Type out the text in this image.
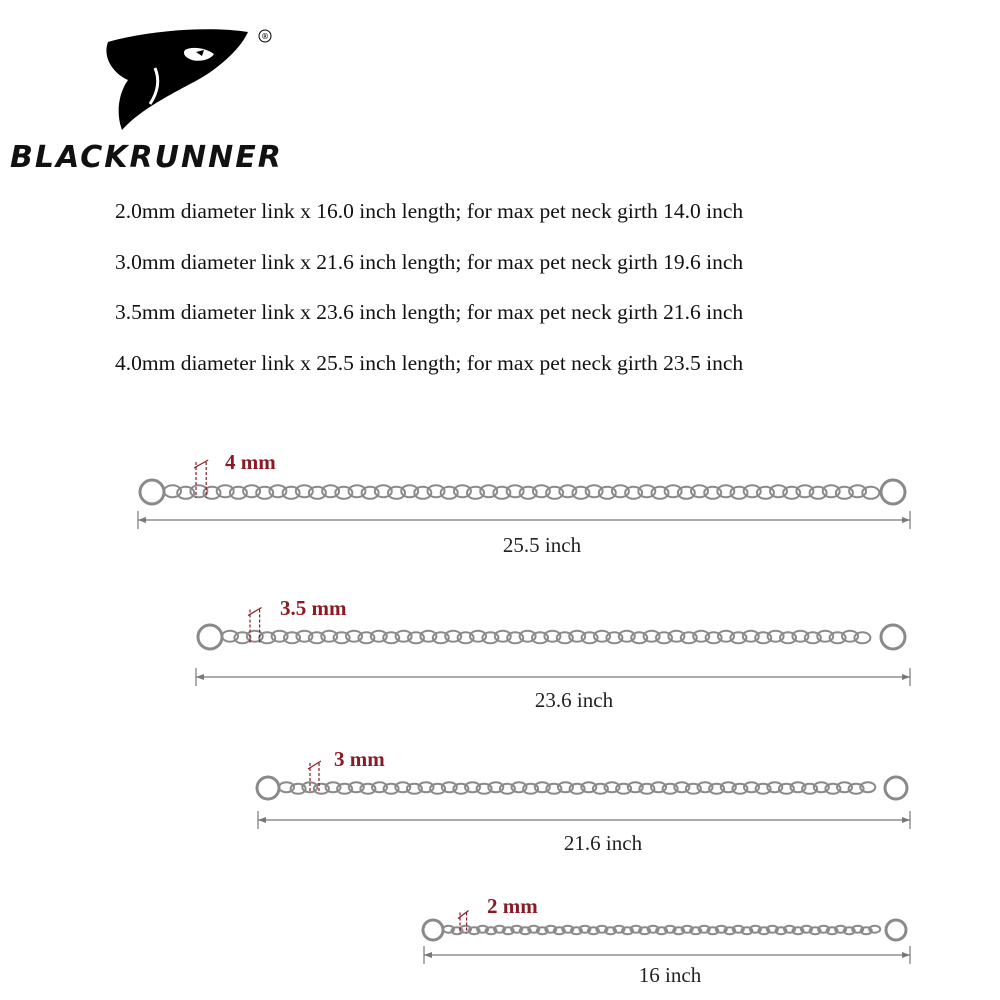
®
BLACKRUNNER
2.0mm diameter link x 16.0 inch length; for max pet neck girth 14.0 inch
3.0mm diameter link x 21.6 inch length; for max pet neck girth 19.6 inch
3.5mm diameter link x 23.6 inch length; for max pet neck girth 21.6 inch
4.0mm diameter link x 25.5 inch length; for max pet neck girth 23.5 inch
4 mm
25.5 inch
3.5 mm
23.6 inch
3 mm
21.6 inch
2 mm
16 inch
